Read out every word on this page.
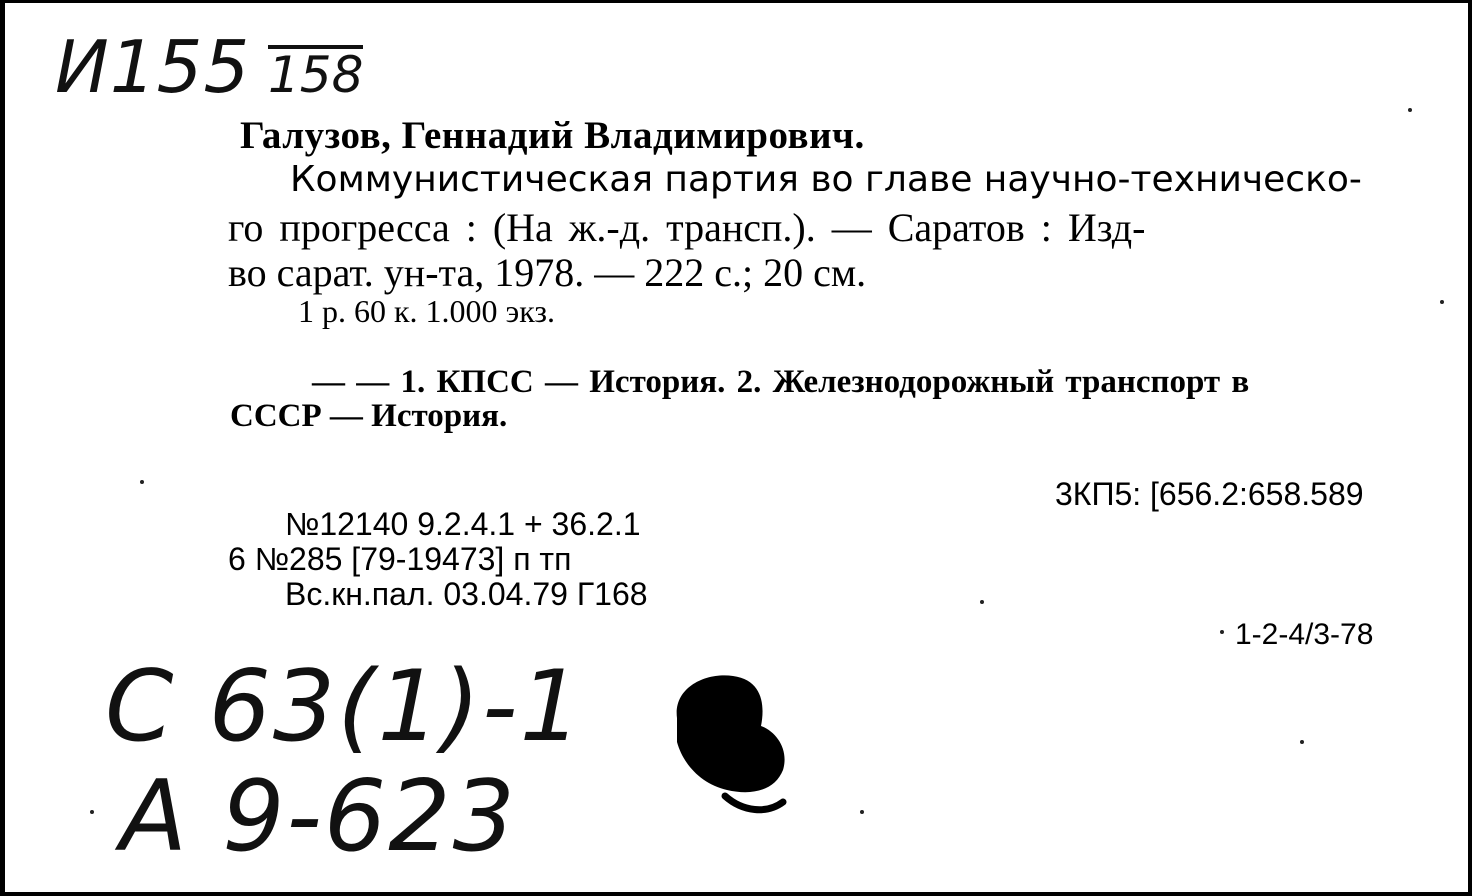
И155 158
Галузов, Геннадий Владимирович.
Коммунистическая партия во главе научно-техническо-
го прогресса : (На ж.-д. трансп.). — Саратов : Изд-
во сарат. ун-та, 1978. — 222 с.; 20 см.
1 р. 60 к. 1.000 экз.
— — 1. КПСС — История. 2. Железнодорожный транспорт в
СССР — История.
3КП5: [656.2:658.589
№12140 9.2.4.1 + 36.2.1
6 №285 [79-19473] п тп
Вс.кн.пал. 03.04.79 Г168
1-2-4/3-78
C 63(1)-1
A 9-623
